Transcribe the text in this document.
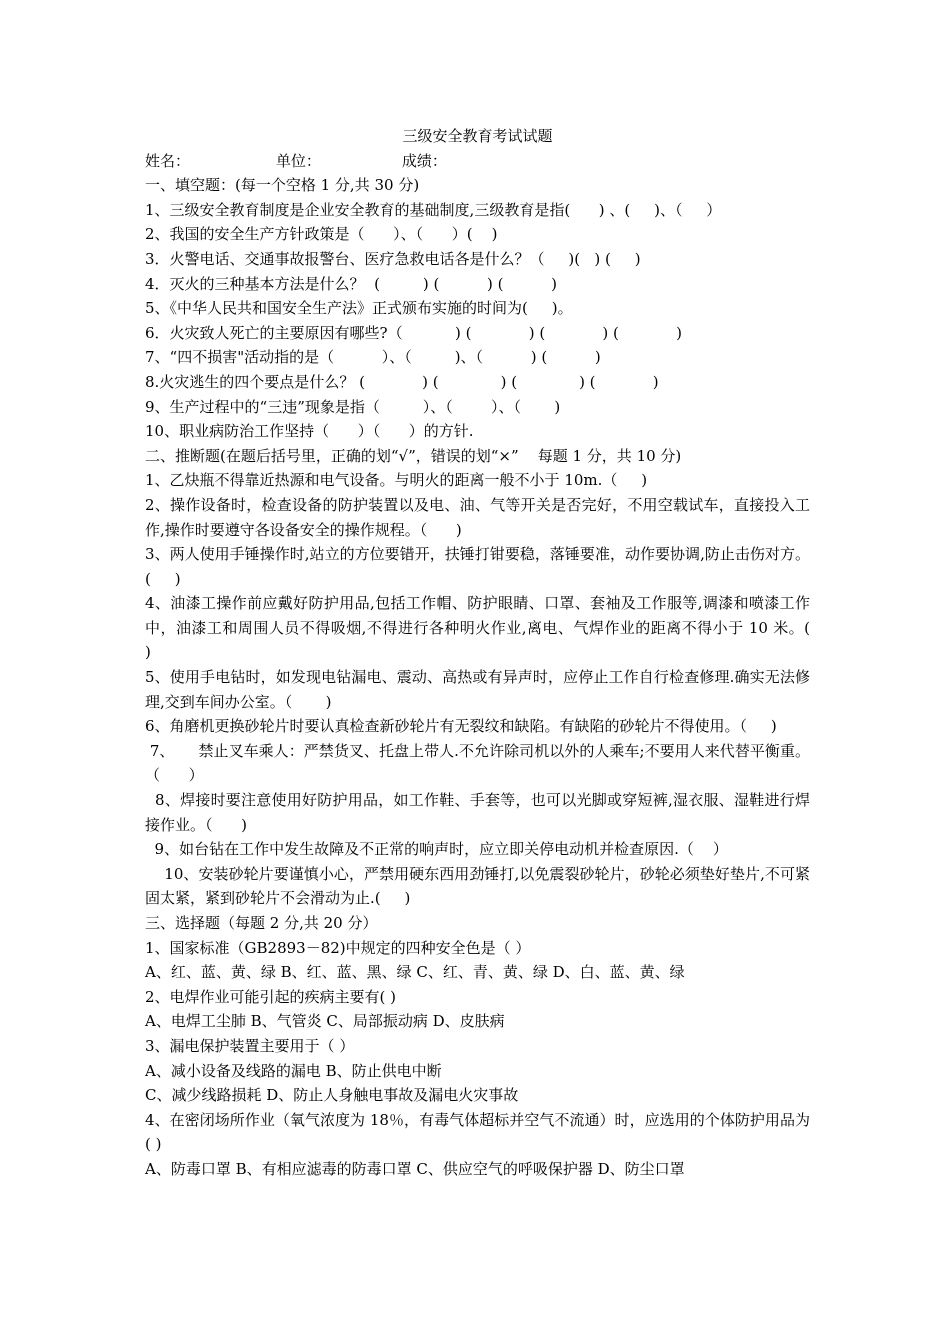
三级安全教育考试试题
姓名：                  单位：                 成绩：
一、填空题：(每一个空格 1 分,共 30 分)
1、三级安全教育制度是企业安全教育的基础制度,三级教育是指(      ) 、(     )、（     ）
2、我国的安全生产方针政策是（      ）、（      ）(    )
3．火警电话、交通事故报警台、医疗急救电话各是什么？（     )(   ) (     )
4．灭火的三种基本方法是什么？  (         ) (          ) (          )
5、《中华人民共和国安全生产法》正式颁布实施的时间为(     )。
6．火灾致人死亡的主要原因有哪些?（           ) (            ) (            ) (            )
7、“四不损害"活动指的是（          ）、（         )、（          ) (          )
8.火灾逃生的四个要点是什么？ (            ) (             ) (             ) (            )
9、生产过程中的“三违”现象是指（         ）、（        ）、（       )
10、职业病防治工作坚持（      ）（      ）的方针.
二、推断题(在题后括号里，正确的划“√”，错误的划“×”    每题 1 分，共 10 分)
1、乙炔瓶不得靠近热源和电气设备。与明火的距离一般不小于 10m.（     )
2、操作设备时，检查设备的防护装置以及电、油、气等开关是否完好，不用空载试车，直接投入工作,操作时要遵守各设备安全的操作规程。（      )
3、两人使用手锤操作时,站立的方位要错开，扶锤打钳要稳，落锤要准，动作要协调,防止击伤对方。(     )
4、油漆工操作前应戴好防护用品,包括工作帽、防护眼睛、口罩、套袖及工作服等,调漆和喷漆工作中，油漆工和周围人员不得吸烟,不得进行各种明火作业,离电、气焊作业的距离不得小于 10 米。(      )
5、使用手电钻时，如发现电钻漏电、震动、高热或有异声时，应停止工作自行检查修理.确实无法修理,交到车间办公室。（       )
6、角磨机更换砂轮片时要认真检查新砂轮片有无裂纹和缺陷。有缺陷的砂轮片不得使用。（     )
7、     禁止叉车乘人：严禁货叉、托盘上带人.不允许除司机以外的人乘车;不要用人来代替平衡重。（      ）
8、焊接时要注意使用好防护用品，如工作鞋、手套等，也可以光脚或穿短裤,湿衣服、湿鞋进行焊接作业。（      )
9、如台钻在工作中发生故障及不正常的响声时，应立即关停电动机并检查原因.（    ）
10、安装砂轮片要谨慎小心，严禁用硬东西用劲锤打,以免震裂砂轮片，砂轮必须垫好垫片,不可紧固太紧，紧到砂轮片不会滑动为止.(     )
三、选择题（每题 2 分,共 20 分）
1、国家标准（GB2893－82)中规定的四种安全色是（ ）
A、红、蓝、黄、绿 B、红、蓝、黑、绿 C、红、青、黄、绿 D、白、蓝、黄、绿
2、电焊作业可能引起的疾病主要有( )
A、电焊工尘肺 B、气管炎 C、局部振动病 D、皮肤病
3、漏电保护装置主要用于（ ）
A、减小设备及线路的漏电 B、防止供电中断
C、减少线路损耗 D、防止人身触电事故及漏电火灾事故
4、在密闭场所作业（氧气浓度为 18％，有毒气体超标并空气不流通）时，应选用的个体防护用品为( )
A、防毒口罩 B、有相应滤毒的防毒口罩 C、供应空气的呼吸保护器 D、防尘口罩
